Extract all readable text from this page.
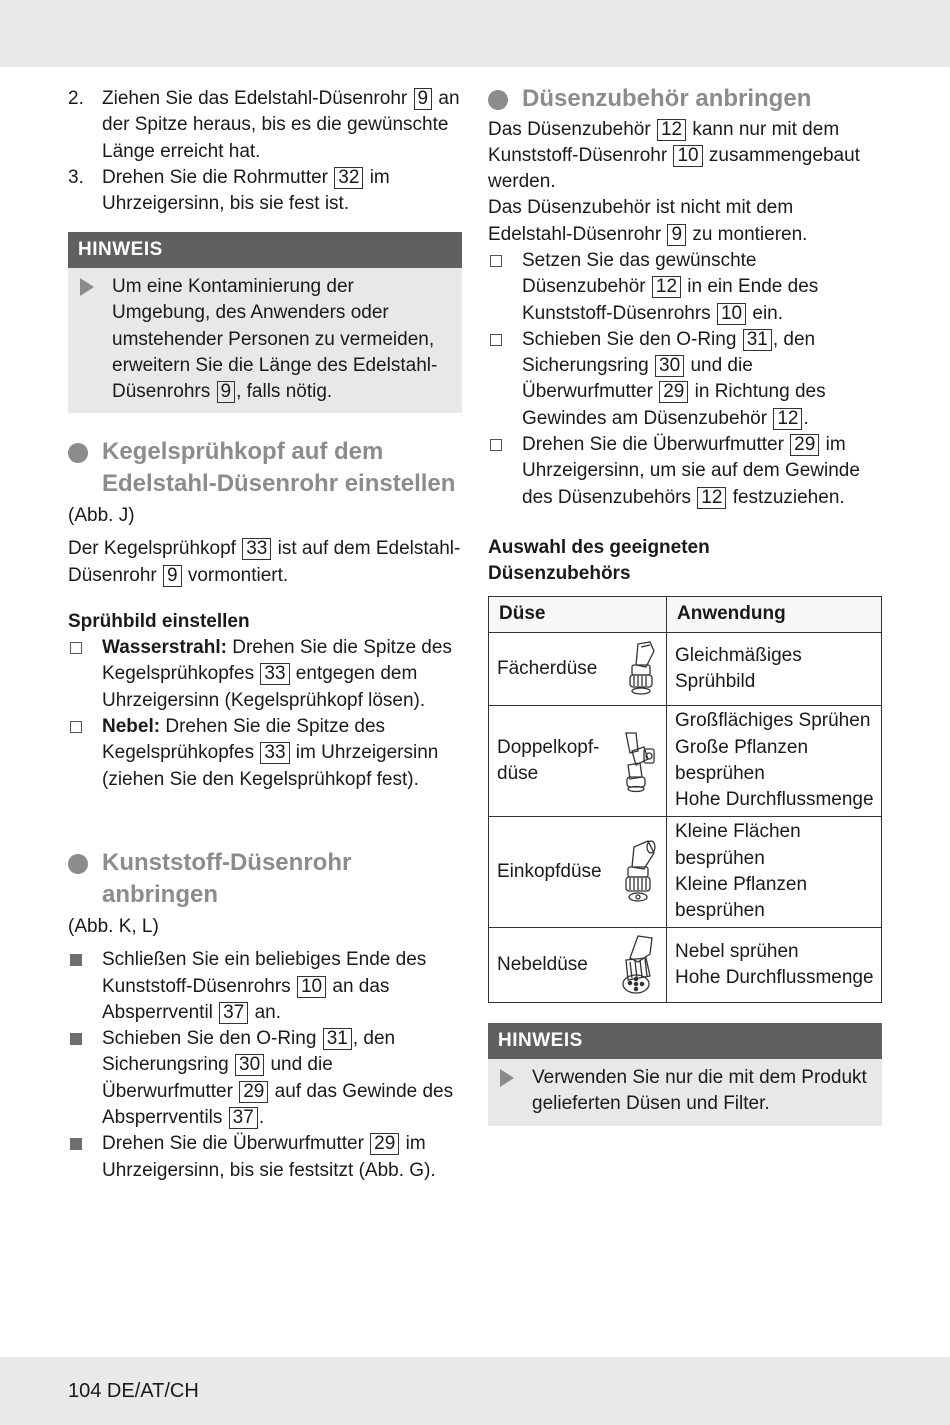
2. Ziehen Sie das Edelstahl-Düsenrohr 9 an der Spitze heraus, bis es die gewünschte Länge erreicht hat.
3. Drehen Sie die Rohrmutter 32 im Uhrzeigersinn, bis sie fest ist.
HINWEIS
Um eine Kontaminierung der Umgebung, des Anwenders oder umstehender Personen zu vermeiden, erweitern Sie die Länge des Edelstahl-Düsenrohrs 9 , falls nötig.
Kegelsprühkopf auf dem Edelstahl-Düsenrohr einstellen
(Abb. J)
Der Kegelsprühkopf 33 ist auf dem Edelstahl-Düsenrohr 9 vormontiert.
Sprühbild einstellen
Wasserstrahl: Drehen Sie die Spitze des Kegelsprühkopfes 33 entgegen dem Uhrzeigersinn (Kegelsprühkopf lösen).
Nebel: Drehen Sie die Spitze des Kegelsprühkopfes 33 im Uhrzeigersinn (ziehen Sie den Kegelsprühkopf fest).
Kunststoff-Düsenrohr anbringen
(Abb. K, L)
Schließen Sie ein beliebiges Ende des Kunststoff-Düsenrohrs 10 an das Absperrventil 37 an.
Schieben Sie den O-Ring 31 , den Sicherungsring 30 und die Überwurfmutter 29 auf das Gewinde des Absperrventils 37 .
Drehen Sie die Überwurfmutter 29 im Uhrzeigersinn, bis sie festsitzt (Abb. G).
Düsenzubehör anbringen
Das Düsenzubehör 12 kann nur mit dem Kunststoff-Düsenrohr 10 zusammengebaut werden.
Das Düsenzubehör ist nicht mit dem Edelstahl-Düsenrohr 9 zu montieren.
Setzen Sie das gewünschte Düsenzubehör 12 in ein Ende des Kunststoff-Düsenrohrs 10 ein.
Schieben Sie den O-Ring 31 , den Sicherungsring 30 und die Überwurfmutter 29 in Richtung des Gewindes am Düsenzubehör 12 .
Drehen Sie die Überwurfmutter 29 im Uhrzeigersinn, um sie auf dem Gewinde des Düsenzubehörs 12 festzuziehen.
Auswahl des geeigneten Düsenzubehörs
Düse	Anwendung
Fächerdüse	Gleichmäßiges
Sprühbild

Doppelkopf-düse	Großflächiges Sprühen
Große Pflanzen
besprühen
Hohe Durchflussmenge

Einkopfdüse	Kleine Flächen
besprühen
Kleine Pflanzen
besprühen

Nebeldüse	Nebel sprühen
Hohe Durchflussmenge
HINWEIS
Verwenden Sie nur die mit dem Produkt gelieferten Düsen und Filter.
104 DE/AT/CH
